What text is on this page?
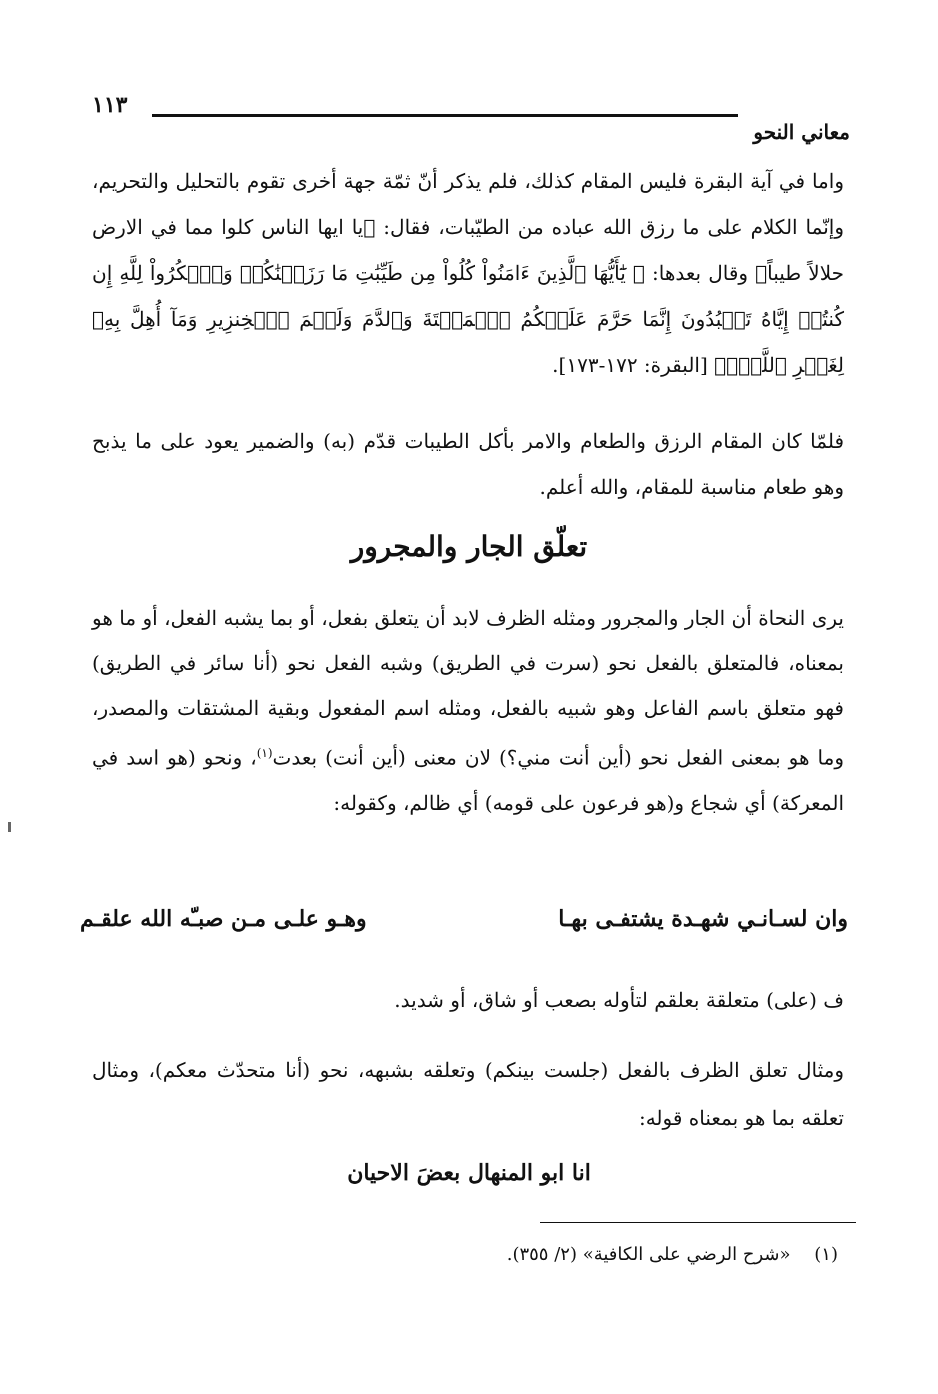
١١٣
معاني النحو

واما في آية البقرة فليس المقام كذلك، فلم يذكر أنّ ثمّة جهة أخرى تقوم بالتحليل والتحريم، وإنّما الكلام على ما رزق الله عباده من الطيّبات، فقال: ﴿يا ايها الناس كلوا مما في الارض حلالاً طيباً﴾ وقال بعدها: ﴿ يَٰٓأَيُّهَا ٱلَّذِينَ ءَامَنُواْ كُلُواْ مِن طَيِّبَٰتِ مَا رَزَقۡنَٰكُمۡ وَٱشۡكُرُواْ لِلَّهِ إِن كُنتُمۡ إِيَّاهُ تَعۡبُدُونَ إِنَّمَا حَرَّمَ عَلَيۡكُمُ ٱلۡمَيۡتَةَ وَٱلدَّمَ وَلَحۡمَ ٱلۡخِنزِيرِ وَمَآ أُهِلَّ بِهِۦ لِغَيۡرِ ٱللَّهِۖ﴾ [البقرة: ١٧٢-١٧٣].

فلمّا كان المقام الرزق والطعام والامر بأكل الطيبات قدّم (به) والضمير يعود على ما يذبح وهو طعام مناسبة للمقام، والله أعلم.

تعلّق الجار والمجرور

يرى النحاة أن الجار والمجرور ومثله الظرف لابد أن يتعلق بفعل، أو بما يشبه الفعل، أو ما هو بمعناه، فالمتعلق بالفعل نحو (سرت في الطريق) وشبه الفعل نحو (أنا سائر في الطريق) فهو متعلق باسم الفاعل وهو شبيه بالفعل، ومثله اسم المفعول وبقية المشتقات والمصدر، وما هو بمعنى الفعل نحو (أين أنت مني؟) لان معنى (أين أنت) بعدت$^{(١)}$، ونحو (هو اسد في المعركة) أي شجاع و(هو فرعون على قومه) أي ظالم، وكقوله:

وان لسـانـي شهـدة يشتفـى بهـا
وهـو علـى مـن صبـّه الله علقـم

ف (على) متعلقة بعلقم لتأوله بصعب أو شاق، أو شديد.

ومثال تعلق الظرف بالفعل (جلست بينكم) وتعلقه بشبهه، نحو (أنا متحدّث معكم)، ومثال تعلقه بما هو بمعناه قوله:

انا ابو المنهال بعضَ الاحيان
(١) «شرح الرضي على الكافية» (٢/ ٣٥٥).
